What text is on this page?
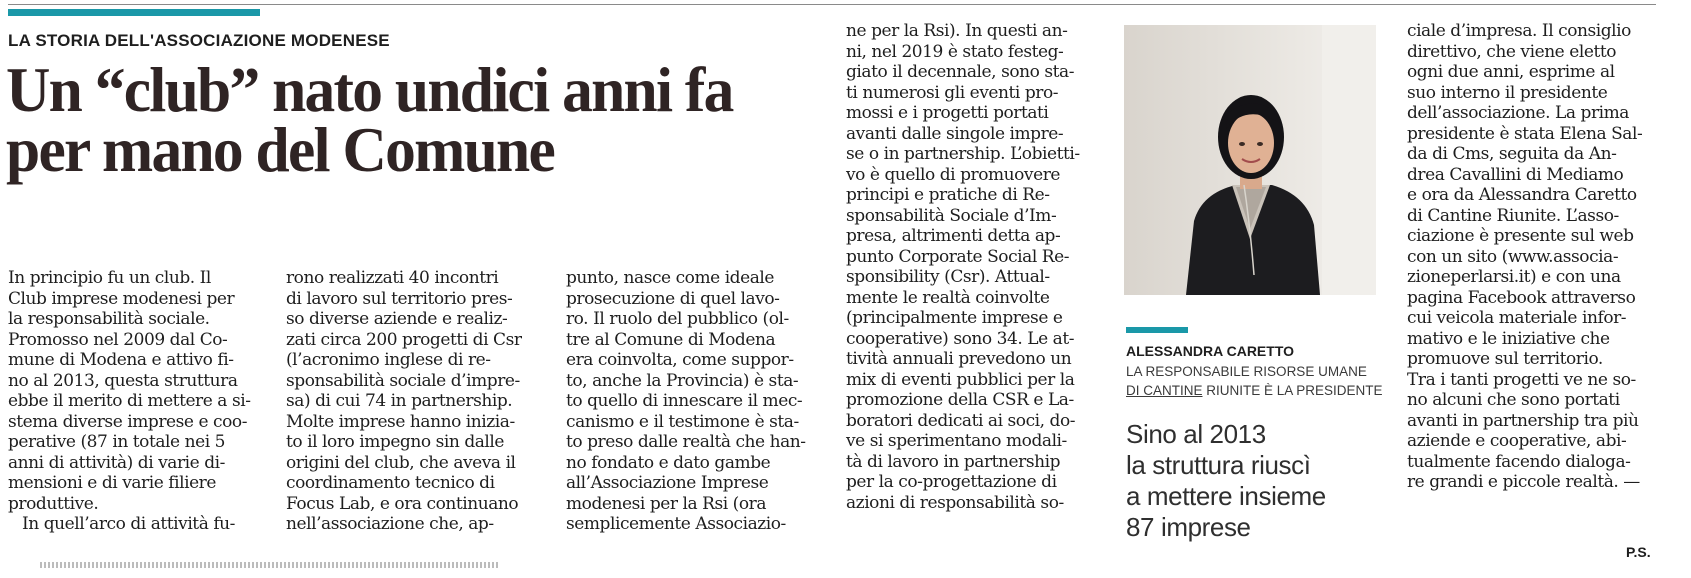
LA STORIA DELL'ASSOCIAZIONE MODENESE
Un “club” nato undici anni fa
per mano del Comune
In principio fu un club. Il
Club imprese modenesi per
la responsabilità sociale.
Promosso nel 2009 dal Co-
mune di Modena e attivo fi-
no al 2013, questa struttura
ebbe il merito di mettere a si-
stema diverse imprese e coo-
perative (87 in totale nei 5
anni di attività) di varie di-
mensioni e di varie filiere
produttive.
In quell’arco di attività fu-
rono realizzati 40 incontri
di lavoro sul territorio pres-
so diverse aziende e realiz-
zati circa 200 progetti di Csr
(l’acronimo inglese di re-
sponsabilità sociale d’impre-
sa) di cui 74 in partnership.
Molte imprese hanno inizia-
to il loro impegno sin dalle
origini del club, che aveva il
coordinamento tecnico di
Focus Lab, e ora continuano
nell’associazione che, ap-
punto, nasce come ideale
prosecuzione di quel lavo-
ro. Il ruolo del pubblico (ol-
tre al Comune di Modena
era coinvolta, come suppor-
to, anche la Provincia) è sta-
to quello di innescare il mec-
canismo e il testimone è sta-
to preso dalle realtà che han-
no fondato e dato gambe
all’Associazione Imprese
modenesi per la Rsi (ora
semplicemente Associazio-
ne per la Rsi). In questi an-
ni, nel 2019 è stato festeg-
giato il decennale, sono sta-
ti numerosi gli eventi pro-
mossi e i progetti portati
avanti dalle singole impre-
se o in partnership. L’obietti-
vo è quello di promuovere
principi e pratiche di Re-
sponsabilità Sociale d’Im-
presa, altrimenti detta ap-
punto Corporate Social Re-
sponsibility (Csr). Attual-
mente le realtà coinvolte
(principalmente imprese e
cooperative) sono 34. Le at-
tività annuali prevedono un
mix di eventi pubblici per la
promozione della CSR e La-
boratori dedicati ai soci, do-
ve si sperimentano modali-
tà di lavoro in partnership
per la co-progettazione di
azioni di responsabilità so-
ciale d’impresa. Il consiglio
direttivo, che viene eletto
ogni due anni, esprime al
suo interno il presidente
dell’associazione. La prima
presidente è stata Elena Sal-
da di Cms, seguita da An-
drea Cavallini di Mediamo
e ora da Alessandra Caretto
di Cantine Riunite. L’asso-
ciazione è presente sul web
con un sito (www.associa-
zioneperlarsi.it) e con una
pagina Facebook attraverso
cui veicola materiale infor-
mativo e le iniziative che
promuove sul territorio.
Tra i tanti progetti ve ne so-
no alcuni che sono portati
avanti in partnership tra più
aziende e cooperative, abi-
tualmente facendo dialoga-
re grandi e piccole realtà. —
ALESSANDRA CARETTO
LA RESPONSABILE RISORSE UMANE
DI CANTINE RIUNITE È LA PRESIDENTE
Sino al 2013
la struttura riuscì
a mettere insieme
87 imprese
P.S.
